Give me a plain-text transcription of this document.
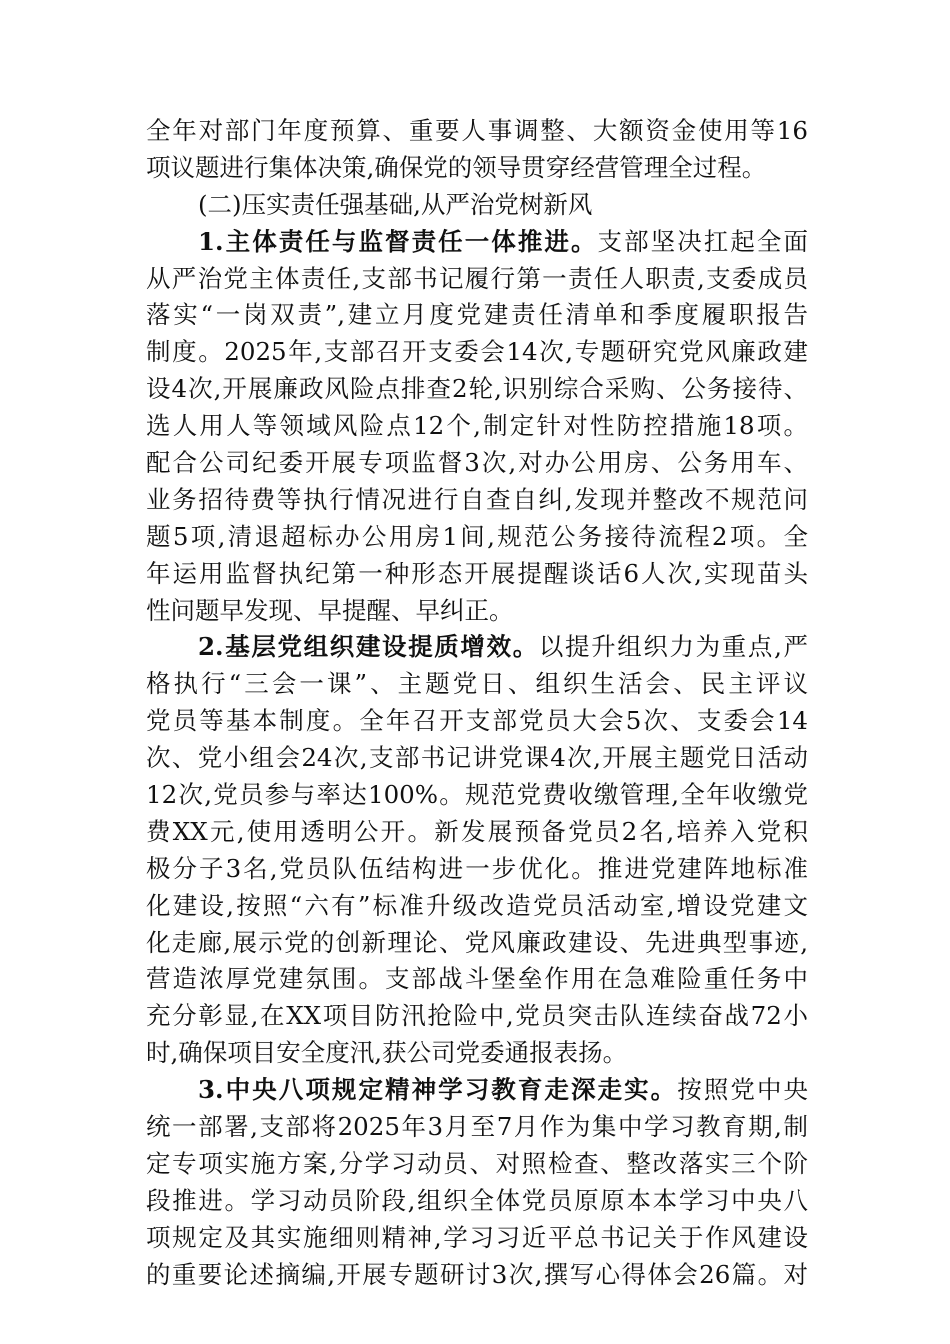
全年对部门年度预算、重要人事调整、大额资金使用等16
项议题进行集体决策,确保党的领导贯穿经营管理全过程。
(二)压实责任强基础,从严治党树新风
1.主体责任与监督责任一体推进。支部坚决扛起全面
从严治党主体责任,支部书记履行第一责任人职责,支委成员
落实“一岗双责”,建立月度党建责任清单和季度履职报告
制度。2025年,支部召开支委会14次,专题研究党风廉政建
设4次,开展廉政风险点排查2轮,识别综合采购、公务接待、
选人用人等领域风险点12个,制定针对性防控措施18项。
配合公司纪委开展专项监督3次,对办公用房、公务用车、
业务招待费等执行情况进行自查自纠,发现并整改不规范问
题5项,清退超标办公用房1间,规范公务接待流程2项。全
年运用监督执纪第一种形态开展提醒谈话6人次,实现苗头
性问题早发现、早提醒、早纠正。
2.基层党组织建设提质增效。以提升组织力为重点,严
格执行“三会一课”、主题党日、组织生活会、民主评议
党员等基本制度。全年召开支部党员大会5次、支委会14
次、党小组会24次,支部书记讲党课4次,开展主题党日活动
12次,党员参与率达100%。规范党费收缴管理,全年收缴党
费XX元,使用透明公开。新发展预备党员2名,培养入党积
极分子3名,党员队伍结构进一步优化。推进党建阵地标准
化建设,按照“六有”标准升级改造党员活动室,增设党建文
化走廊,展示党的创新理论、党风廉政建设、先进典型事迹,
营造浓厚党建氛围。支部战斗堡垒作用在急难险重任务中
充分彰显,在XX项目防汛抢险中,党员突击队连续奋战72小
时,确保项目安全度汛,获公司党委通报表扬。
3.中央八项规定精神学习教育走深走实。按照党中央
统一部署,支部将2025年3月至7月作为集中学习教育期,制
定专项实施方案,分学习动员、对照检查、整改落实三个阶
段推进。学习动员阶段,组织全体党员原原本本学习中央八
项规定及其实施细则精神,学习习近平总书记关于作风建设
的重要论述摘编,开展专题研讨3次,撰写心得体会26篇。对
